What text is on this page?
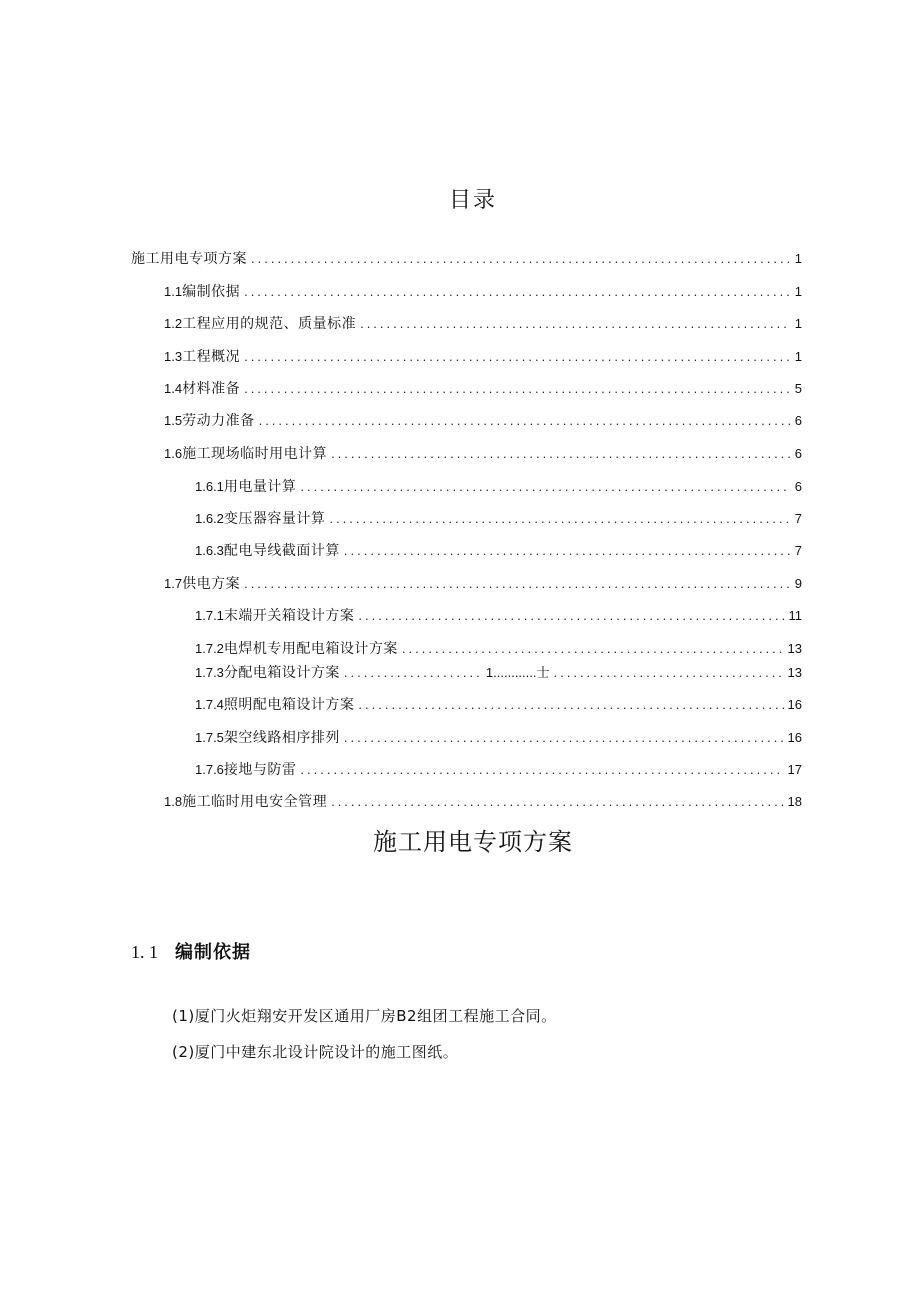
目录
施工用电专项方案 .....	1
1.1 编制依据 .....	1
1.2 工程应用的规范、质量标准 .....	1
1.3 工程概况 .....	1
1.4 材料准备 .....	5
1.5 劳动力准备 .....	6
1.6 施工现场临时用电计算 .....	6
1.6.1 用电量计算 .....	6
1.6.2 变压器容量计算 .....	7
1.6.3 配电导线截面计算 .....	7
1.7 供电方案 .....	9
1.7.1 末端开关箱设计方案 .....	11
1.7.2 电焊机专用配电箱设计方案 .....	13
1.7.3 分配电箱设计方案 .....	1............士 .....	13
1.7.4 照明配电箱设计方案 .....	16
1.7.5 架空线路相序排列 .....	16
1.7.6 接地与防雷 .....	17
1.8 施工临时用电安全管理 .....	18
施工用电专项方案
1. 1 编制依据
(1)厦门火炬翔安开发区通用厂房B2组团工程施工合同。
(2)厦门中建东北设计院设计的施工图纸。
